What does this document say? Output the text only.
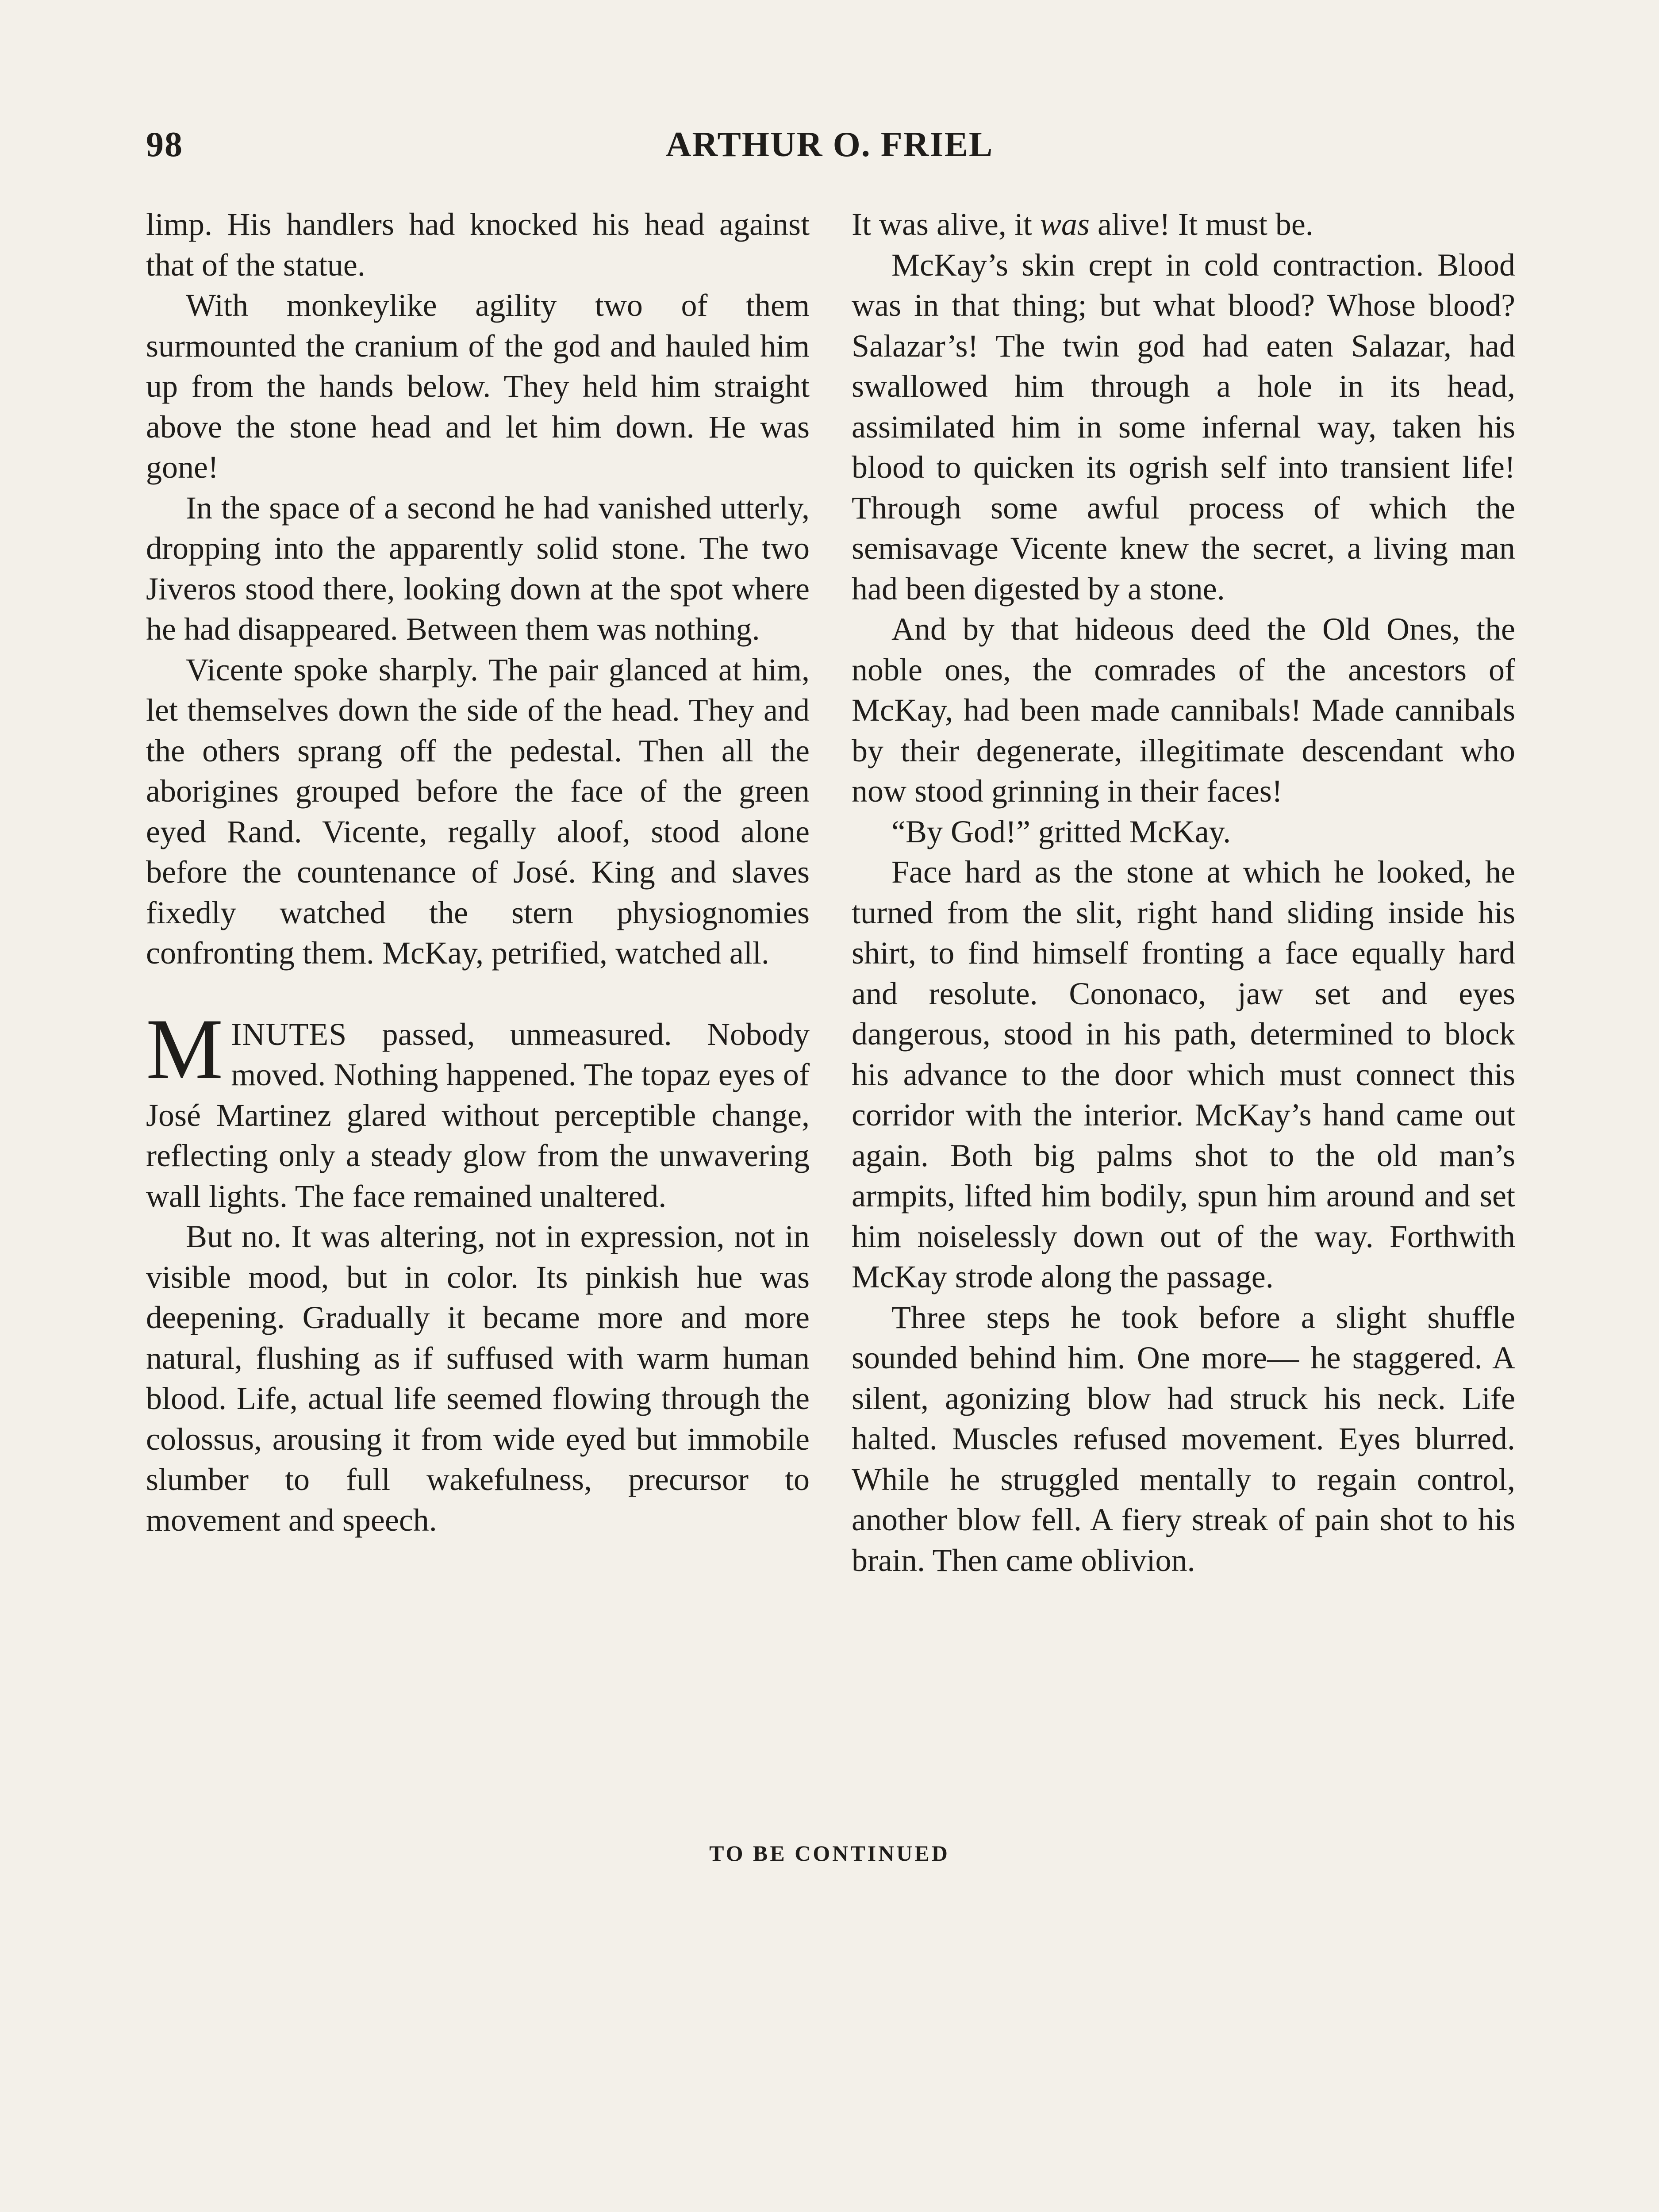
98	ARTHUR O. FRIEL

limp. His handlers had knocked his head against that of the statue.

With monkeylike agility two of them surmounted the cranium of the god and hauled him up from the hands below. They held him straight above the stone head and let him down. He was gone!

In the space of a second he had vanished utterly, dropping into the apparently solid stone. The two Jiveros stood there, looking down at the spot where he had disappeared. Between them was nothing.

Vicente spoke sharply. The pair glanced at him, let themselves down the side of the head. They and the others sprang off the pedestal. Then all the aborigines grouped before the face of the green eyed Rand. Vicente, regally aloof, stood alone before the countenance of José. King and slaves fixedly watched the stern physiognomies confronting them. McKay, petrified, watched all.

MINUTES passed, unmeasured. Nobody moved. Nothing happened. The topaz eyes of José Martinez glared without perceptible change, reflecting only a steady glow from the unwavering wall lights. The face remained unaltered.

But no. It was altering, not in expression, not in visible mood, but in color. Its pinkish hue was deepening. Gradually it became more and more natural, flushing as if suffused with warm human blood. Life, actual life seemed flowing through the colossus, arousing it from wide eyed but immobile slumber to full wakefulness, precursor to movement and speech.

It was alive, it was alive! It must be.

McKay’s skin crept in cold contraction. Blood was in that thing; but what blood? Whose blood? Salazar’s! The twin god had eaten Salazar, had swallowed him through a hole in its head, assimilated him in some infernal way, taken his blood to quicken its ogrish self into transient life! Through some awful process of which the semisavage Vicente knew the secret, a living man had been digested by a stone.

And by that hideous deed the Old Ones, the noble ones, the comrades of the ancestors of McKay, had been made cannibals! Made cannibals by their degenerate, illegitimate descendant who now stood grinning in their faces!

“By God!” gritted McKay.

Face hard as the stone at which he looked, he turned from the slit, right hand sliding inside his shirt, to find himself fronting a face equally hard and resolute. Cononaco, jaw set and eyes dangerous, stood in his path, determined to block his advance to the door which must connect this corridor with the interior. McKay’s hand came out again. Both big palms shot to the old man’s armpits, lifted him bodily, spun him around and set him noiselessly down out of the way. Forthwith McKay strode along the passage.

Three steps he took before a slight shuffle sounded behind him. One more— he staggered. A silent, agonizing blow had struck his neck. Life halted. Muscles refused movement. Eyes blurred. While he struggled mentally to regain control, another blow fell. A fiery streak of pain shot to his brain. Then came oblivion.

TO BE CONTINUED
